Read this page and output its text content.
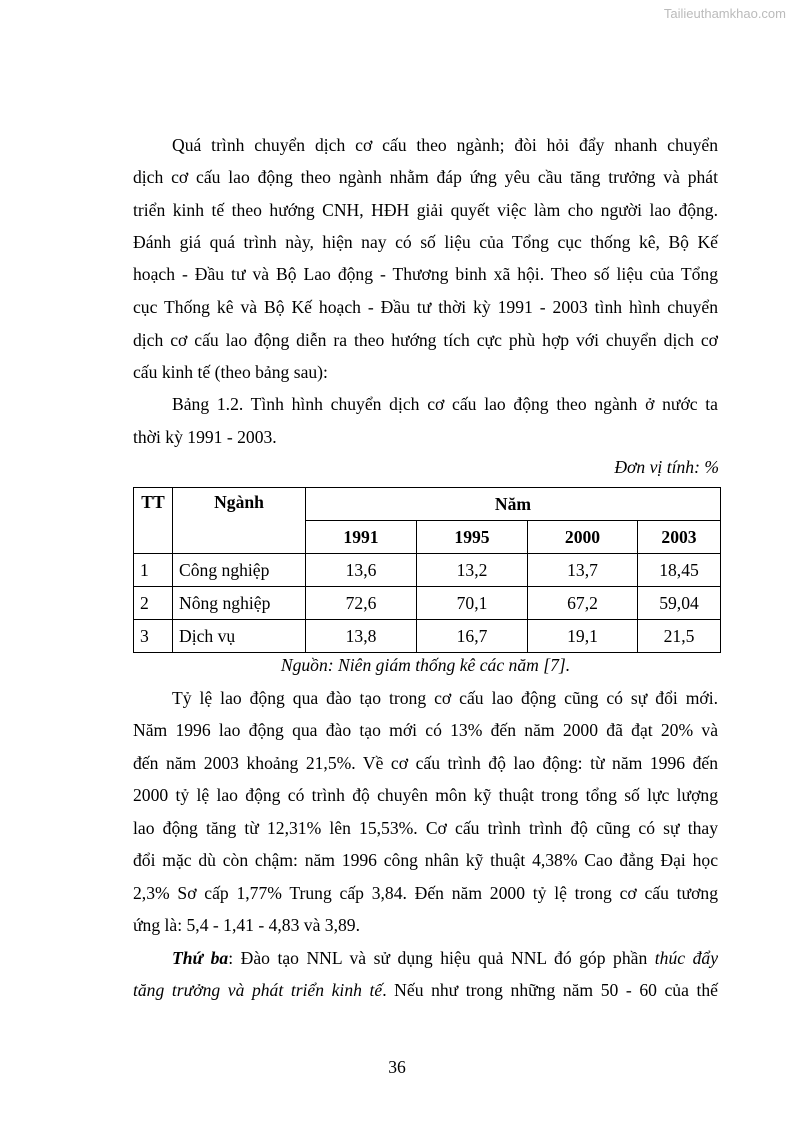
Tailieuthamkhao.com
Quá trình chuyển dịch cơ cấu theo ngành; đòi hỏi đẩy nhanh chuyển
dịch cơ cấu lao động theo ngành nhằm đáp ứng yêu cầu tăng trưởng và phát
triển kinh tế theo hướng CNH, HĐH giải quyết việc làm cho người lao động.
Đánh giá quá trình này, hiện nay có số liệu của Tổng cục thống kê, Bộ Kế
hoạch - Đầu tư và Bộ Lao động - Thương binh xã hội. Theo số liệu của Tổng
cục Thống kê và Bộ Kế hoạch - Đầu tư thời kỳ 1991 - 2003 tình hình chuyển
dịch cơ cấu lao động diễn ra theo hướng tích cực phù hợp với chuyển dịch cơ
cấu kinh tế (theo bảng sau):
Bảng 1.2. Tình hình chuyển dịch cơ cấu lao động theo ngành ở nước ta
thời kỳ 1991 - 2003.
Đơn vị tính: %
TT	Ngành	Năm			
		1991	1995	2000	2003
1	Công nghiệp	13,6	13,2	13,7	18,45
2	Nông nghiệp	72,6	70,1	67,2	59,04
3	Dịch vụ	13,8	16,7	19,1	21,5
Nguồn: Niên giám thống kê các năm [7].
Tỷ lệ lao động qua đào tạo trong cơ cấu lao động cũng có sự đổi mới.
Năm 1996 lao động qua đào tạo mới có 13% đến năm 2000 đã đạt 20% và
đến năm 2003 khoảng 21,5%. Về cơ cấu trình độ lao động: từ năm 1996 đến
2000 tỷ lệ lao động có trình độ chuyên môn kỹ thuật trong tổng số lực lượng
lao động tăng từ 12,31% lên 15,53%. Cơ cấu trình trình độ cũng có sự thay
đổi mặc dù còn chậm: năm 1996 công nhân kỹ thuật 4,38% Cao đẳng Đại học
2,3% Sơ cấp 1,77% Trung cấp 3,84. Đến năm 2000 tỷ lệ trong cơ cấu tương
ứng là: 5,4 - 1,41 - 4,83 và 3,89.
Thứ ba: Đào tạo NNL và sử dụng hiệu quả NNL đó góp phần thúc đẩy
tăng trưởng và phát triển kinh tế. Nếu như trong những năm 50 - 60 của thế
36
